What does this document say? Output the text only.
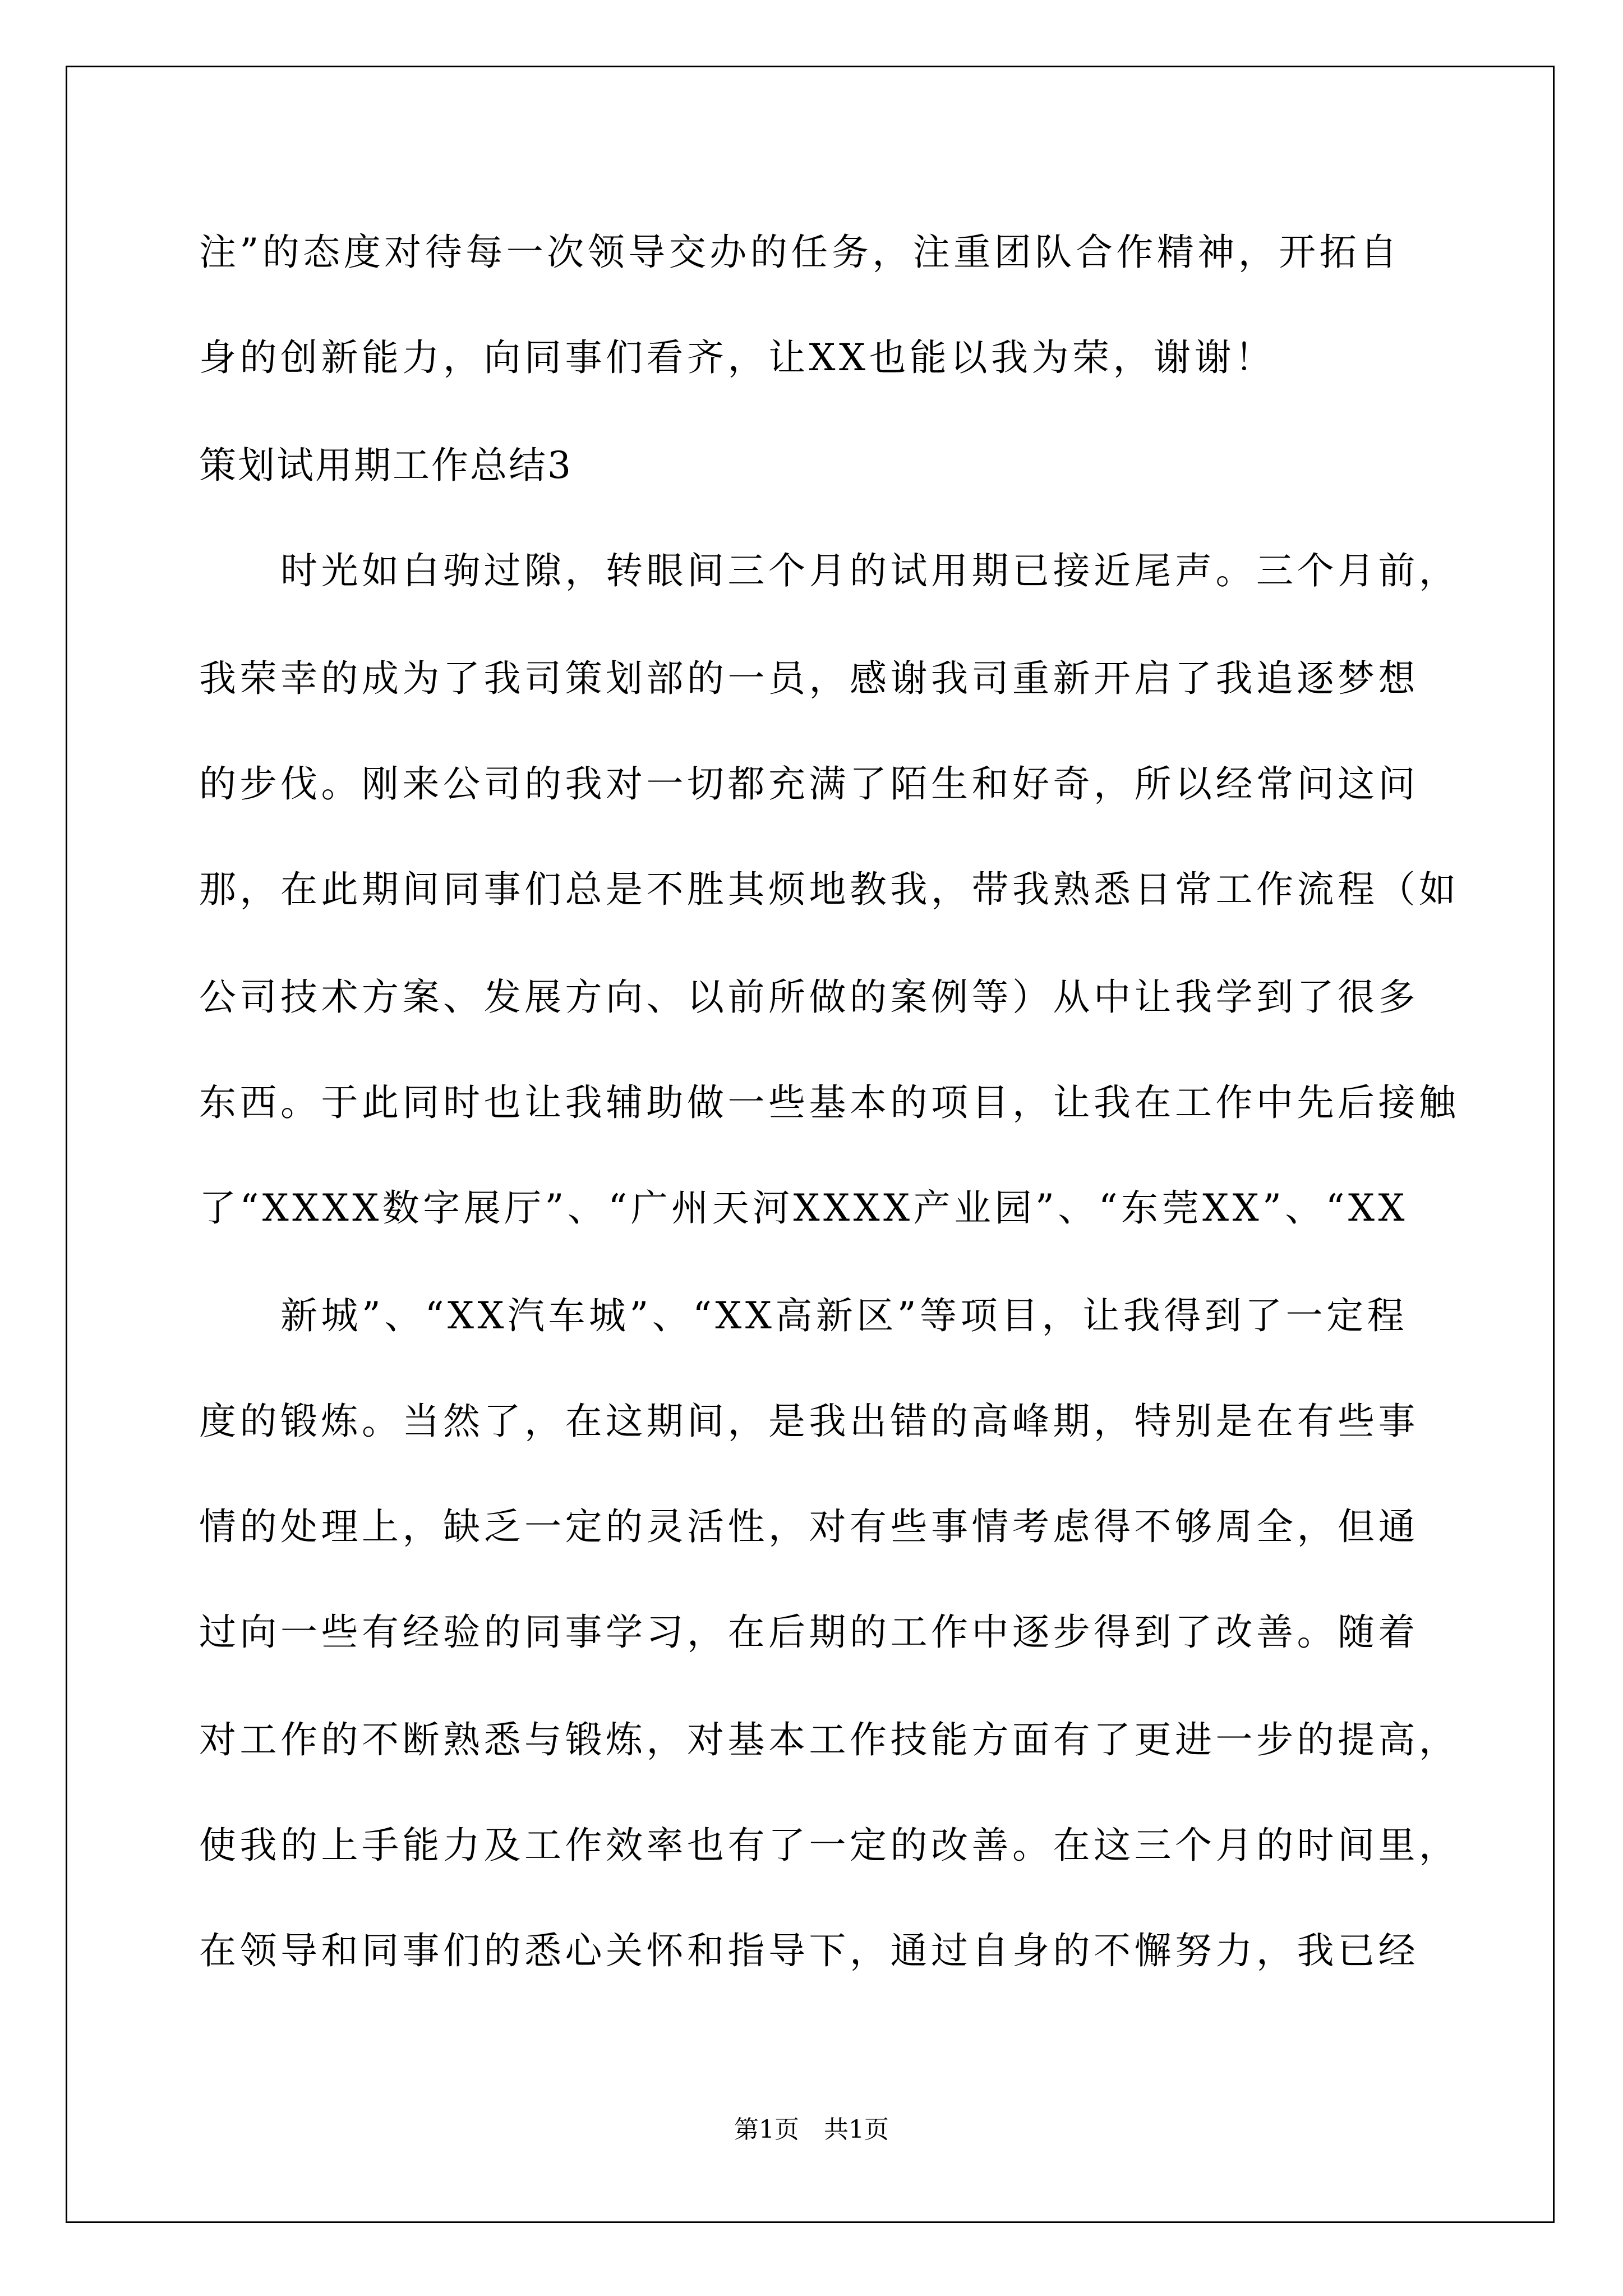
注”的态度对待每一次领导交办的任务，注重团队合作精神，开拓自
身的创新能力，向同事们看齐，让XX也能以我为荣，谢谢！
策划试用期工作总结3
时光如白驹过隙，转眼间三个月的试用期已接近尾声。三个月前，
我荣幸的成为了我司策划部的一员，感谢我司重新开启了我追逐梦想
的步伐。刚来公司的我对一切都充满了陌生和好奇，所以经常问这问
那，在此期间同事们总是不胜其烦地教我，带我熟悉日常工作流程（如
公司技术方案、发展方向、以前所做的案例等）从中让我学到了很多
东西。于此同时也让我辅助做一些基本的项目，让我在工作中先后接触
了“XXXX数字展厅”、“广州天河XXXX产业园”、“东莞XX”、“XX
新城”、“XX汽车城”、“XX高新区”等项目，让我得到了一定程
度的锻炼。当然了，在这期间，是我出错的高峰期，特别是在有些事
情的处理上，缺乏一定的灵活性，对有些事情考虑得不够周全，但通
过向一些有经验的同事学习，在后期的工作中逐步得到了改善。随着
对工作的不断熟悉与锻炼，对基本工作技能方面有了更进一步的提高，
使我的上手能力及工作效率也有了一定的改善。在这三个月的时间里，
在领导和同事们的悉心关怀和指导下，通过自身的不懈努力，我已经
第1页 共1页
